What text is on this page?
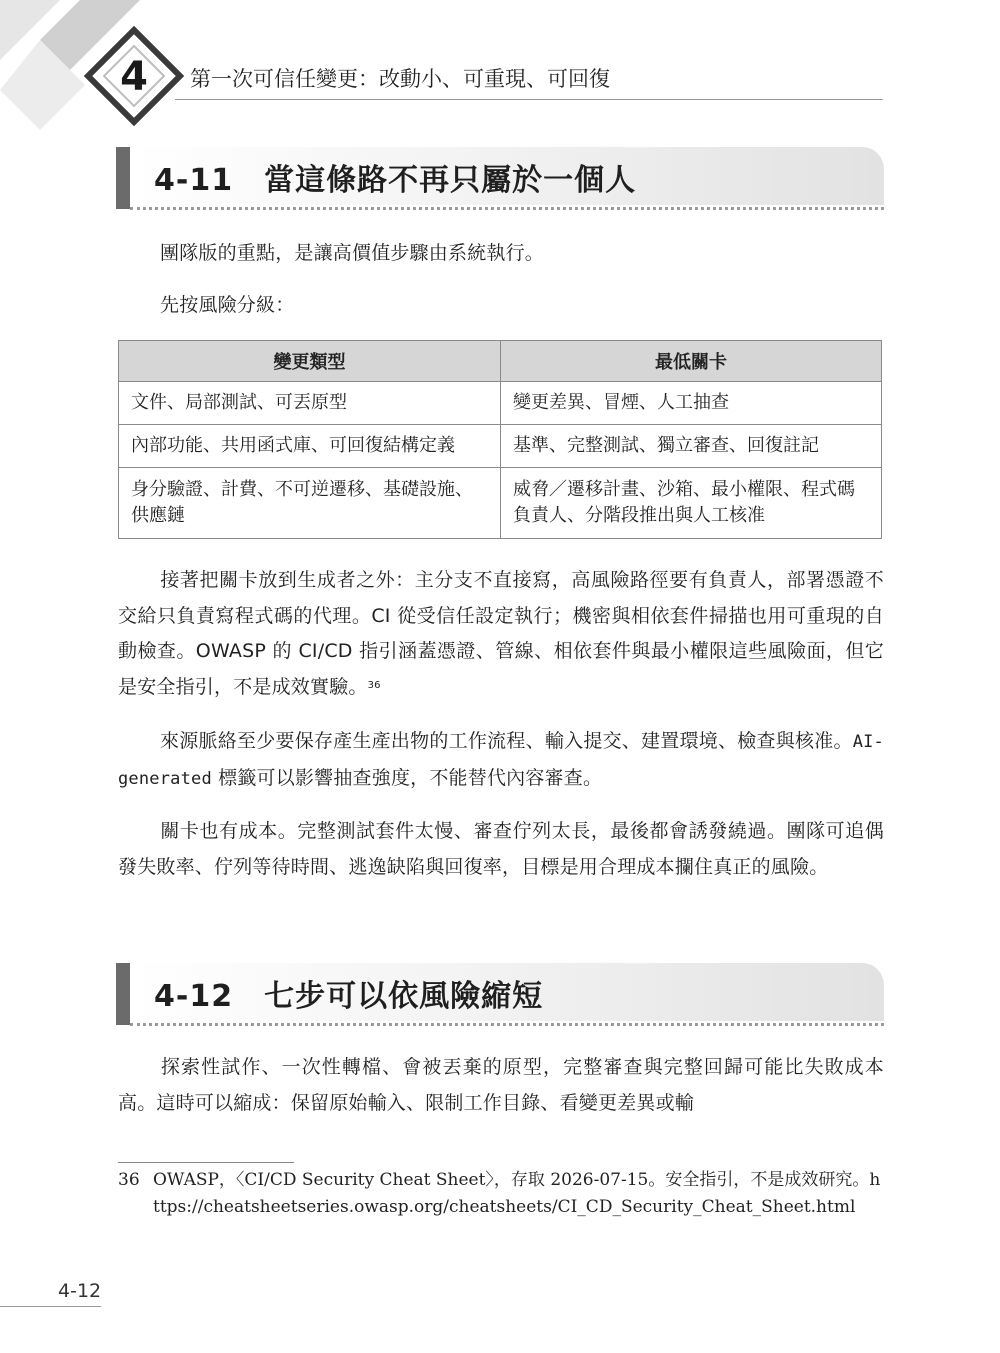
4	第一次可信任變更：改動小、可重現、可回復
4-11　當這條路不再只屬於一個人
團隊版的重點，是讓高價值步驟由系統執行。
先按風險分級：
變更類型	最低關卡
文件、局部測試、可丟原型	變更差異、冒煙、人工抽查
內部功能、共用函式庫、可回復結構定義	基準、完整測試、獨立審查、回復註記
身分驗證、計費、不可逆遷移、基礎設施、供應鏈	威脅／遷移計畫、沙箱、最小權限、程式碼負責人、分階段推出與人工核准
接著把關卡放到生成者之外：主分支不直接寫，高風險路徑要有負責人，部署憑證不交給只負責寫程式碼的代理。CI 從受信任設定執行；機密與相依套件掃描也用可重現的自動檢查。OWASP 的 CI/CD 指引涵蓋憑證、管線、相依套件與最小權限這些風險面，但它是安全指引，不是成效實驗。$^{36}$
來源脈絡至少要保存產生產出物的工作流程、輸入提交、建置環境、檢查與核准。AI-generated 標籤可以影響抽查強度，不能替代內容審查。
關卡也有成本。完整測試套件太慢、審查佇列太長，最後都會誘發繞過。團隊可追偶發失敗率、佇列等待時間、逃逸缺陷與回復率，目標是用合理成本攔住真正的風險。
4-12　七步可以依風險縮短
探索性試作、一次性轉檔、會被丟棄的原型，完整審查與完整回歸可能比失敗成本高。這時可以縮成：保留原始輸入、限制工作目錄、看變更差異或輸
36 OWASP，〈CI/CD Security Cheat Sheet〉，存取 2026-07-15。安全指引，不是成效研究。https://cheatsheetseries.owasp.org/cheatsheets/CI_CD_Security_Cheat_Sheet.html
4-12
